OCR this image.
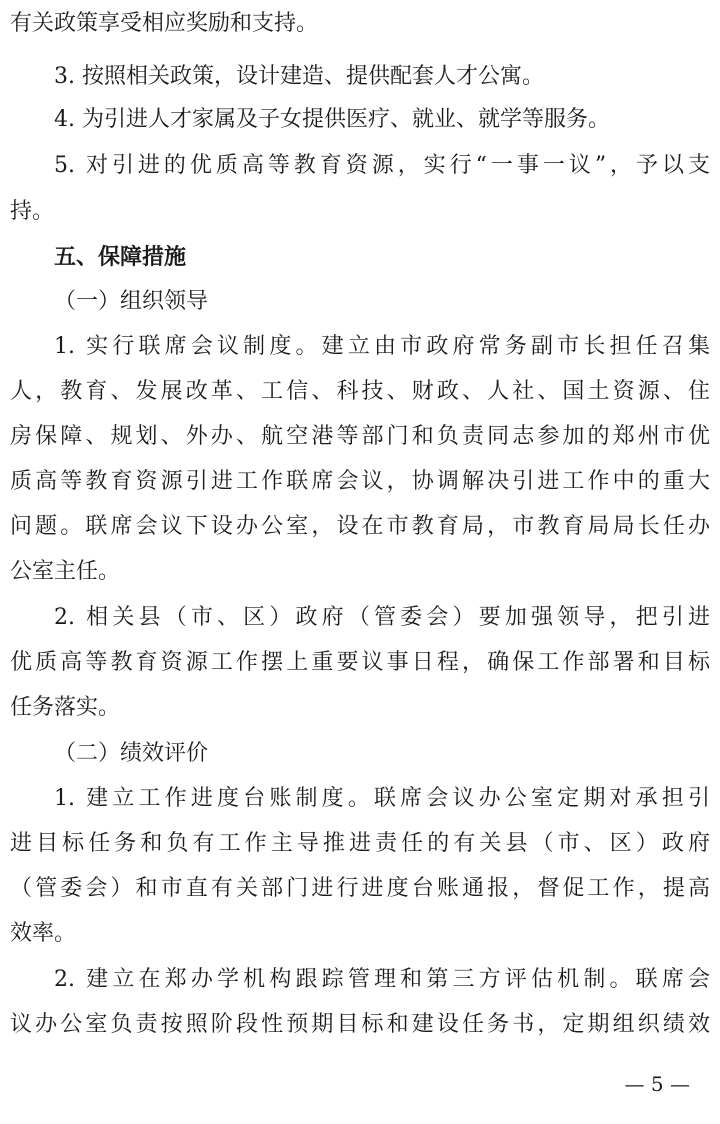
有关政策享受相应奖励和支持。
3. 按照相关政策，设计建造、提供配套人才公寓。
4. 为引进人才家属及子女提供医疗、就业、就学等服务。
5. 对引进的优质高等教育资源，实行“一事一议”，予以支
持。
五、保障措施
（一）组织领导
1. 实行联席会议制度。建立由市政府常务副市长担任召集
人，教育、发展改革、工信、科技、财政、人社、国土资源、住
房保障、规划、外办、航空港等部门和负责同志参加的郑州市优
质高等教育资源引进工作联席会议，协调解决引进工作中的重大
问题。联席会议下设办公室，设在市教育局，市教育局局长任办
公室主任。
2. 相关县（市、区）政府（管委会）要加强领导，把引进
优质高等教育资源工作摆上重要议事日程，确保工作部署和目标
任务落实。
（二）绩效评价
1. 建立工作进度台账制度。联席会议办公室定期对承担引
进目标任务和负有工作主导推进责任的有关县（市、区）政府
（管委会）和市直有关部门进行进度台账通报，督促工作，提高
效率。
2. 建立在郑办学机构跟踪管理和第三方评估机制。联席会
议办公室负责按照阶段性预期目标和建设任务书，定期组织绩效
— 5 —
